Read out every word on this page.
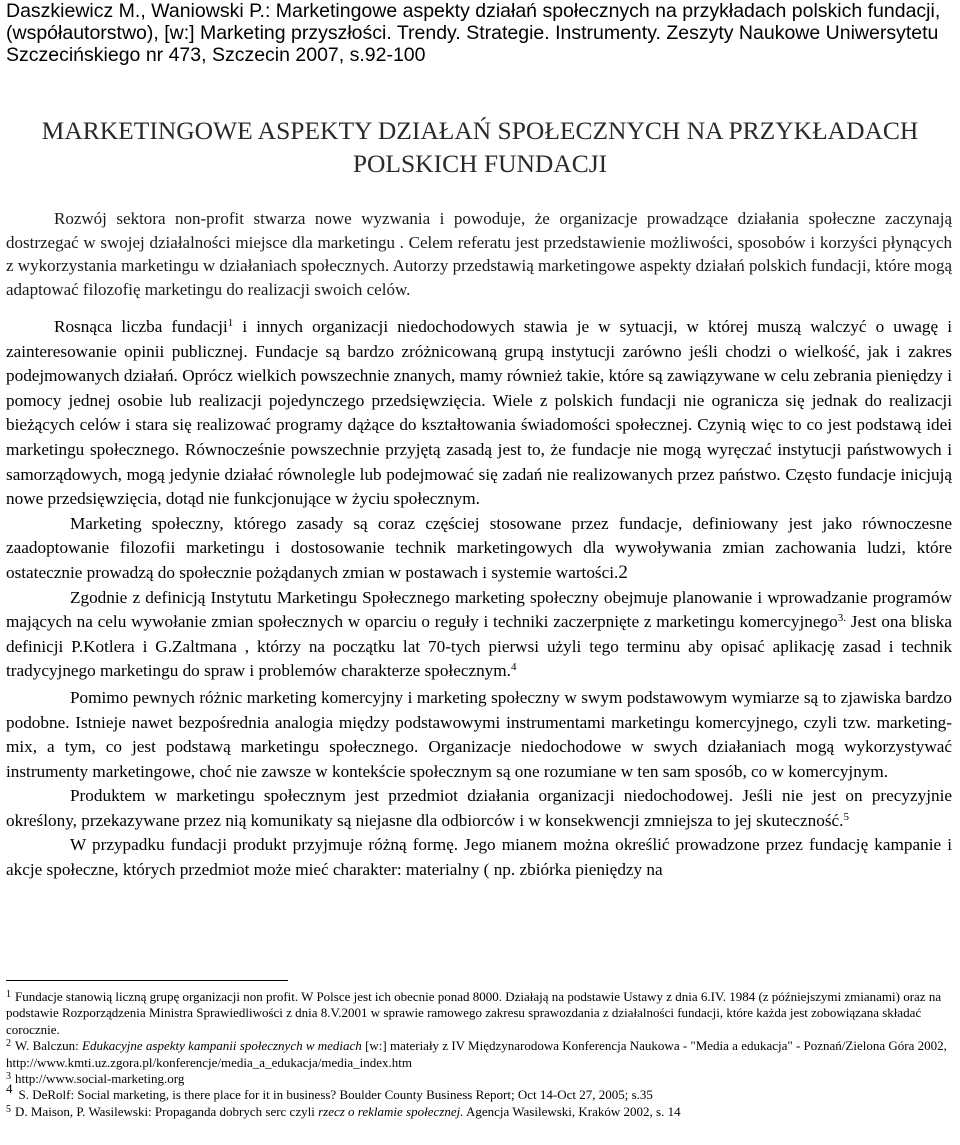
Daszkiewicz M., Waniowski P.: Marketingowe aspekty działań społecznych na przykładach polskich fundacji, (współautorstwo), [w:] Marketing przyszłości. Trendy. Strategie. Instrumenty. Zeszyty Naukowe Uniwersytetu Szczecińskiego nr 473, Szczecin 2007, s.92-100
MARKETINGOWE ASPEKTY DZIAŁAŃ SPOŁECZNYCH NA PRZYKŁADACH
POLSKICH FUNDACJI
Rozwój sektora non-profit stwarza nowe wyzwania i powoduje, że organizacje prowadzące działania społeczne zaczynają dostrzegać w swojej działalności miejsce dla marketingu . Celem referatu jest przedstawienie możliwości, sposobów i korzyści płynących z wykorzystania marketingu w działaniach społecznych. Autorzy przedstawią marketingowe aspekty działań polskich fundacji, które mogą adaptować filozofię marketingu do realizacji swoich celów.

Rosnąca liczba fundacji$^1$ i innych organizacji niedochodowych stawia je w sytuacji, w której muszą walczyć o uwagę i zainteresowanie opinii publicznej. Fundacje są bardzo zróżnicowaną grupą instytucji zarówno jeśli chodzi o wielkość, jak i zakres podejmowanych działań. Oprócz wielkich powszechnie znanych, mamy również takie, które są zawiązywane w celu zebrania pieniędzy i pomocy jednej osobie lub realizacji pojedynczego przedsięwzięcia. Wiele z polskich fundacji nie ogranicza się jednak do realizacji bieżących celów i stara się realizować programy dążące do kształtowania świadomości społecznej. Czynią więc to co jest podstawą idei marketingu społecznego. Równocześnie powszechnie przyjętą zasadą jest to, że fundacje nie mogą wyręczać instytucji państwowych i samorządowych, mogą jedynie działać równolegle lub podejmować się zadań nie realizowanych przez państwo. Często fundacje inicjują nowe przedsięwzięcia, dotąd nie funkcjonujące w życiu społecznym.

Marketing społeczny, którego zasady są coraz częściej stosowane przez fundacje, definiowany jest jako równoczesne zaadoptowanie filozofii marketingu i dostosowanie technik marketingowych dla wywoływania zmian zachowania ludzi, które ostatecznie prowadzą do społecznie pożądanych zmian w postawach i systemie wartości.2

Zgodnie z definicją Instytutu Marketingu Społecznego marketing społeczny obejmuje planowanie i wprowadzanie programów mających na celu wywołanie zmian społecznych w oparciu o reguły i techniki zaczerpnięte z marketingu komercyjnego$^{3.}$ Jest ona bliska definicji P.Kotlera i G.Zaltmana , którzy na początku lat 70-tych pierwsi użyli tego terminu aby opisać aplikację zasad i technik tradycyjnego marketingu do spraw i problemów charakterze społecznym.$^4$

Pomimo pewnych różnic marketing komercyjny i marketing społeczny w swym podstawowym wymiarze są to zjawiska bardzo podobne. Istnieje nawet bezpośrednia analogia między podstawowymi instrumentami marketingu komercyjnego, czyli tzw. marketing-mix, a tym, co jest podstawą marketingu społecznego. Organizacje niedochodowe w swych działaniach mogą wykorzystywać instrumenty marketingowe, choć nie zawsze w kontekście społecznym są one rozumiane w ten sam sposób, co w komercyjnym.

Produktem w marketingu społecznym jest przedmiot działania organizacji niedochodowej. Jeśli nie jest on precyzyjnie określony, przekazywane przez nią komunikaty są niejasne dla odbiorców i w konsekwencji zmniejsza to jej skuteczność.$^5$

W przypadku fundacji produkt przyjmuje różną formę. Jego mianem można określić prowadzone przez fundację kampanie i akcje społeczne, których przedmiot może mieć charakter: materialny ( np. zbiórka pieniędzy na

$^1$ Fundacje stanowią liczną grupę organizacji non profit. W Polsce jest ich obecnie ponad 8000. Działają na podstawie Ustawy z dnia 6.IV. 1984 (z późniejszymi zmianami) oraz na podstawie Rozporządzenia Ministra Sprawiedliwości z dnia 8.V.2001 w sprawie ramowego zakresu sprawozdania z działalności fundacji, które każda jest zobowiązana składać corocznie.

$^2$ W. Balczun: Edukacyjne aspekty kampanii społecznych w mediach [w:] materiały z IV Międzynarodowa Konferencja Naukowa - "Media a edukacja" - Poznań/Zielona Góra 2002, http://www.kmti.uz.zgora.pl/konferencje/media_a_edukacja/media_index.htm

$^3$ http://www.social-marketing.org

4 S. DeRolf: Social marketing, is there place for it in business? Boulder County Business Report; Oct 14-Oct 27, 2005; s.35

$^5$ D. Maison, P. Wasilewski: Propaganda dobrych serc czyli rzecz o reklamie społecznej. Agencja Wasilewski, Kraków 2002, s. 14
